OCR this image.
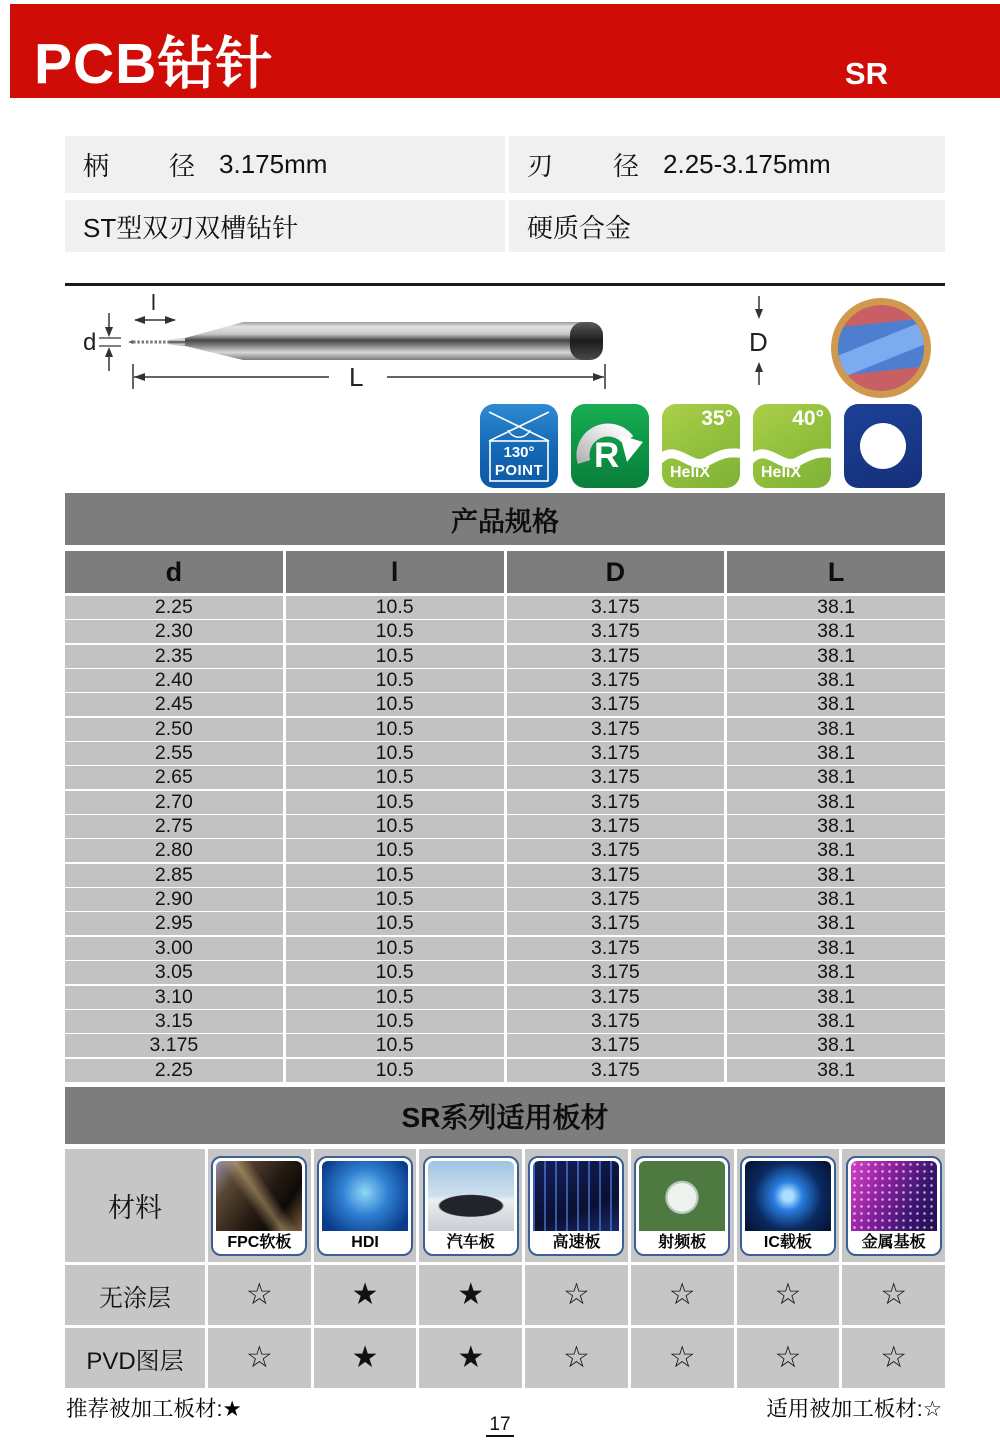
PCB钻针	SR
柄 径 3.175mm	刃 径 2.25-3.175mm
ST型双刃双槽钻针	硬质合金
l
d
L
D
130°
POINT R
35°
HeliX
40°
HeliX
产品规格
d	l	D	L
2.25	10.5	3.175	38.1
2.30	10.5	3.175	38.1
2.35	10.5	3.175	38.1
2.40	10.5	3.175	38.1
2.45	10.5	3.175	38.1
2.50	10.5	3.175	38.1
2.55	10.5	3.175	38.1
2.65	10.5	3.175	38.1
2.70	10.5	3.175	38.1
2.75	10.5	3.175	38.1
2.80	10.5	3.175	38.1
2.85	10.5	3.175	38.1
2.90	10.5	3.175	38.1
2.95	10.5	3.175	38.1
3.00	10.5	3.175	38.1
3.05	10.5	3.175	38.1
3.10	10.5	3.175	38.1
3.15	10.5	3.175	38.1
3.175	10.5	3.175	38.1
2.25	10.5	3.175	38.1
SR系列适用板材
材料
FPC软板	HDI	汽车板	高速板	射频板	IC载板	金属基板
无涂层	☆	★	★	☆	☆	☆	☆
PVD图层	☆	★	★	☆	☆	☆	☆
推荐被加工板材:★	适用被加工板材:☆
17
